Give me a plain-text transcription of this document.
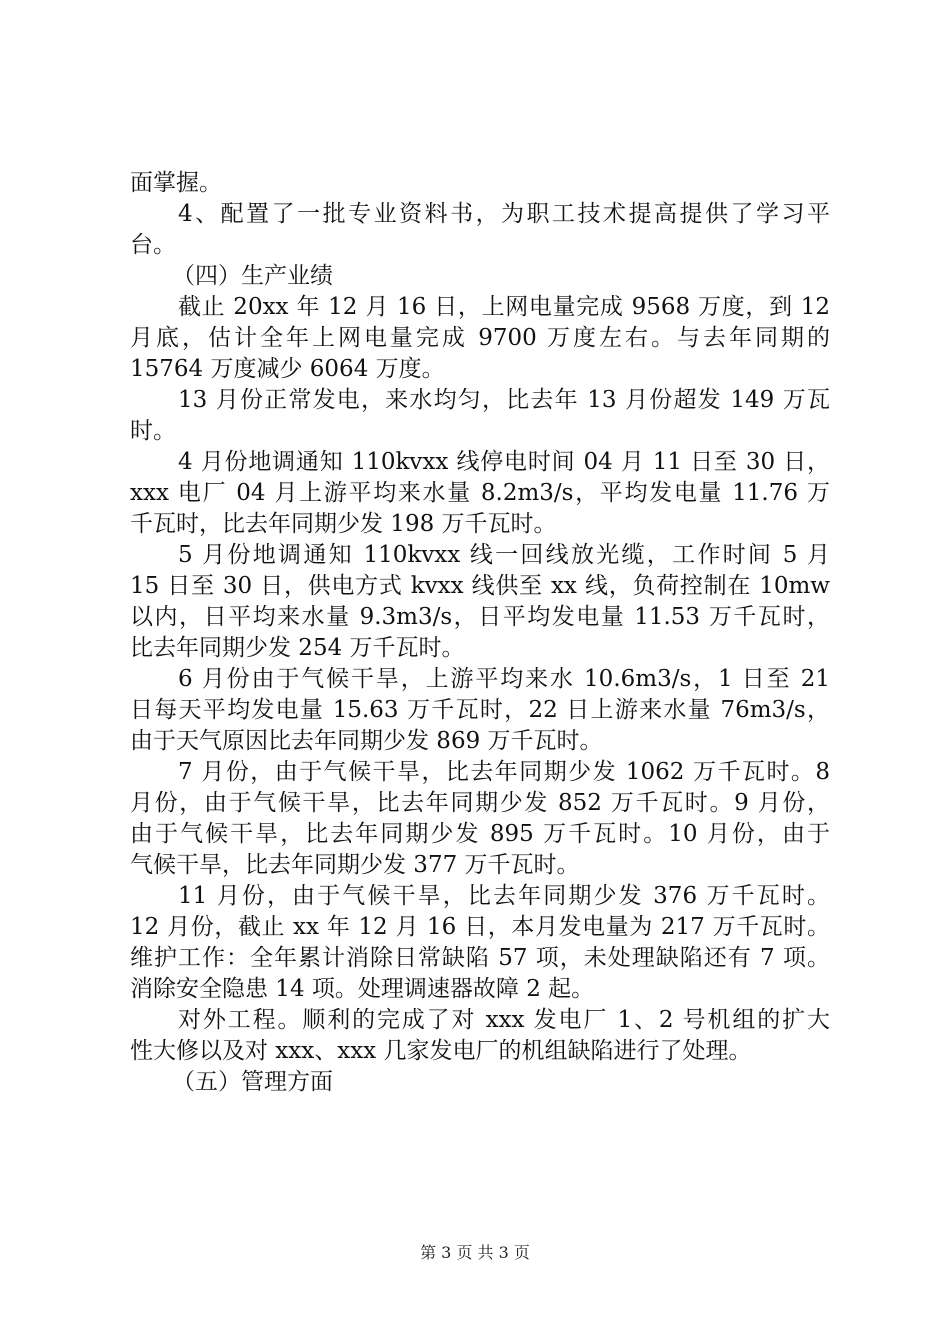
面掌握。
4、配置了一批专业资料书，为职工技术提高提供了学习平
台。
（四）生产业绩
截止 20xx 年 12 月 16 日，上网电量完成 9568 万度，到 12
月底，估计全年上网电量完成 9700 万度左右。与去年同期的
15764 万度减少 6064 万度。
13 月份正常发电，来水均匀，比去年 13 月份超发 149 万瓦
时。
4 月份地调通知 110kvxx 线停电时间 04 月 11 日至 30 日，
xxx 电厂 04 月上游平均来水量 8.2m3/s，平均发电量 11.76 万
千瓦时，比去年同期少发 198 万千瓦时。
5 月份地调通知 110kvxx 线一回线放光缆，工作时间 5 月
15 日至 30 日，供电方式 kvxx 线供至 xx 线，负荷控制在 10mw
以内，日平均来水量 9.3m3/s，日平均发电量 11.53 万千瓦时，
比去年同期少发 254 万千瓦时。
6 月份由于气候干旱，上游平均来水 10.6m3/s，1 日至 21
日每天平均发电量 15.63 万千瓦时，22 日上游来水量 76m3/s，
由于天气原因比去年同期少发 869 万千瓦时。
7 月份，由于气候干旱，比去年同期少发 1062 万千瓦时。8
月份，由于气候干旱，比去年同期少发 852 万千瓦时。9 月份，
由于气候干旱，比去年同期少发 895 万千瓦时。10 月份，由于
气候干旱，比去年同期少发 377 万千瓦时。
11 月份，由于气候干旱，比去年同期少发 376 万千瓦时。
12 月份，截止 xx 年 12 月 16 日，本月发电量为 217 万千瓦时。
维护工作：全年累计消除日常缺陷 57 项，未处理缺陷还有 7 项。
消除安全隐患 14 项。处理调速器故障 2 起。
对外工程。顺利的完成了对 xxx 发电厂 1、2 号机组的扩大
性大修以及对 xxx、xxx 几家发电厂的机组缺陷进行了处理。
（五）管理方面
第 3 页 共 3 页
